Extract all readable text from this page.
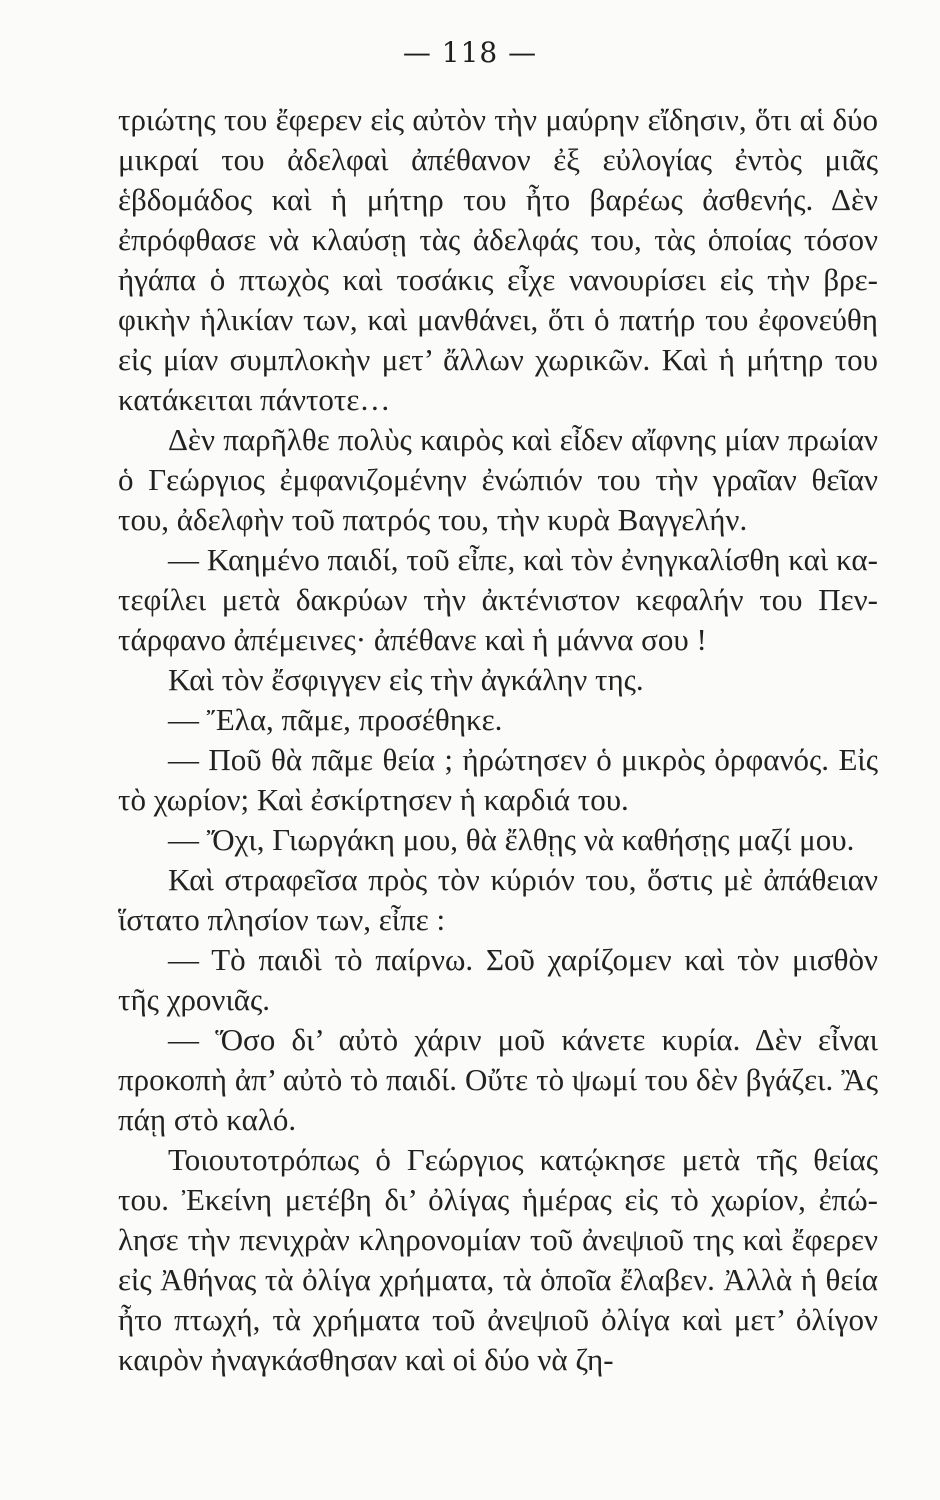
— 118 —

τριώτης του ἔφερεν εἰς αὐτὸν τὴν μαύρην εἴδησιν, ὅτι αἱ δύο μικραί του ἀδελφαὶ ἀπέθανον ἐξ εὐλογίας ἐντὸς μιᾶς ἑβδομάδος καὶ ἡ μήτηρ του ἦτο βαρέως ἀσθενής. Δὲν ἐπρόφθασε νὰ κλαύσῃ τὰς ἀδελφάς του, τὰς ὁποίας τόσον ἠγάπα ὁ πτωχὸς καὶ τοσάκις εἶχε νανουρίσει εἰς τὴν βρεφικὴν ἡλικίαν των, καὶ μανθάνει, ὅτι ὁ πατήρ του ἐφονεύθη εἰς μίαν συμπλοκὴν μετ’ ἄλλων χωρικῶν. Καὶ ἡ μήτηρ του κατάκειται πάντοτε…

Δὲν παρῆλθε πολὺς καιρὸς καὶ εἶδεν αἴφνης μίαν πρωίαν ὁ Γεώργιος ἐμφανιζομένην ἐνώπιόν του τὴν γραῖαν θεῖαν του, ἀδελφὴν τοῦ πατρός του, τὴν κυρὰ Βαγγελήν.

— Καημένο παιδί, τοῦ εἶπε, καὶ τὸν ἐνηγκαλίσθη καὶ κατεφίλει μετὰ δακρύων τὴν ἀκτένιστον κεφαλήν του Πεντάρφανο ἀπέμεινες· ἀπέθανε καὶ ἡ μάννα σου !

Καὶ τὸν ἔσφιγγεν εἰς τὴν ἀγκάλην της.

— Ἔλα, πᾶμε, προσέθηκε.

— Ποῦ θὰ πᾶμε θεία ; ἠρώτησεν ὁ μικρὸς ὀρφανός. Εἰς τὸ χωρίον; Καὶ ἐσκίρτησεν ἡ καρδιά του.

— Ὄχι, Γιωργάκη μου, θὰ ἔλθῃς νὰ καθήσῃς μαζί μου.

Καὶ στραφεῖσα πρὸς τὸν κύριόν του, ὅστις μὲ ἀπάθειαν ἵστατο πλησίον των, εἶπε :

— Τὸ παιδὶ τὸ παίρνω. Σοῦ χαρίζομεν καὶ τὸν μισθὸν τῆς χρονιᾶς.

— Ὅσο δι’ αὐτὸ χάριν μοῦ κάνετε κυρία. Δὲν εἶναι προκοπὴ ἀπ’ αὐτὸ τὸ παιδί. Οὔτε τὸ ψωμί του δὲν βγάζει. Ἂς πάῃ στὸ καλό.

Τοιουτοτρόπως ὁ Γεώργιος κατῴκησε μετὰ τῆς θείας του. Ἐκείνη μετέβη δι’ ὀλίγας ἡμέρας εἰς τὸ χωρίον, ἐπώλησε τὴν πενιχρὰν κληρονομίαν τοῦ ἀνεψιοῦ της καὶ ἔφερεν εἰς Ἀθήνας τὰ ὀλίγα χρήματα, τὰ ὁποῖα ἔλαβεν. Ἀλλὰ ἡ θεία ἦτο πτωχή, τὰ χρήματα τοῦ ἀνεψιοῦ ὀλίγα καὶ μετ’ ὀλίγον καιρὸν ἠναγκάσθησαν καὶ οἱ δύο νὰ ζη-
